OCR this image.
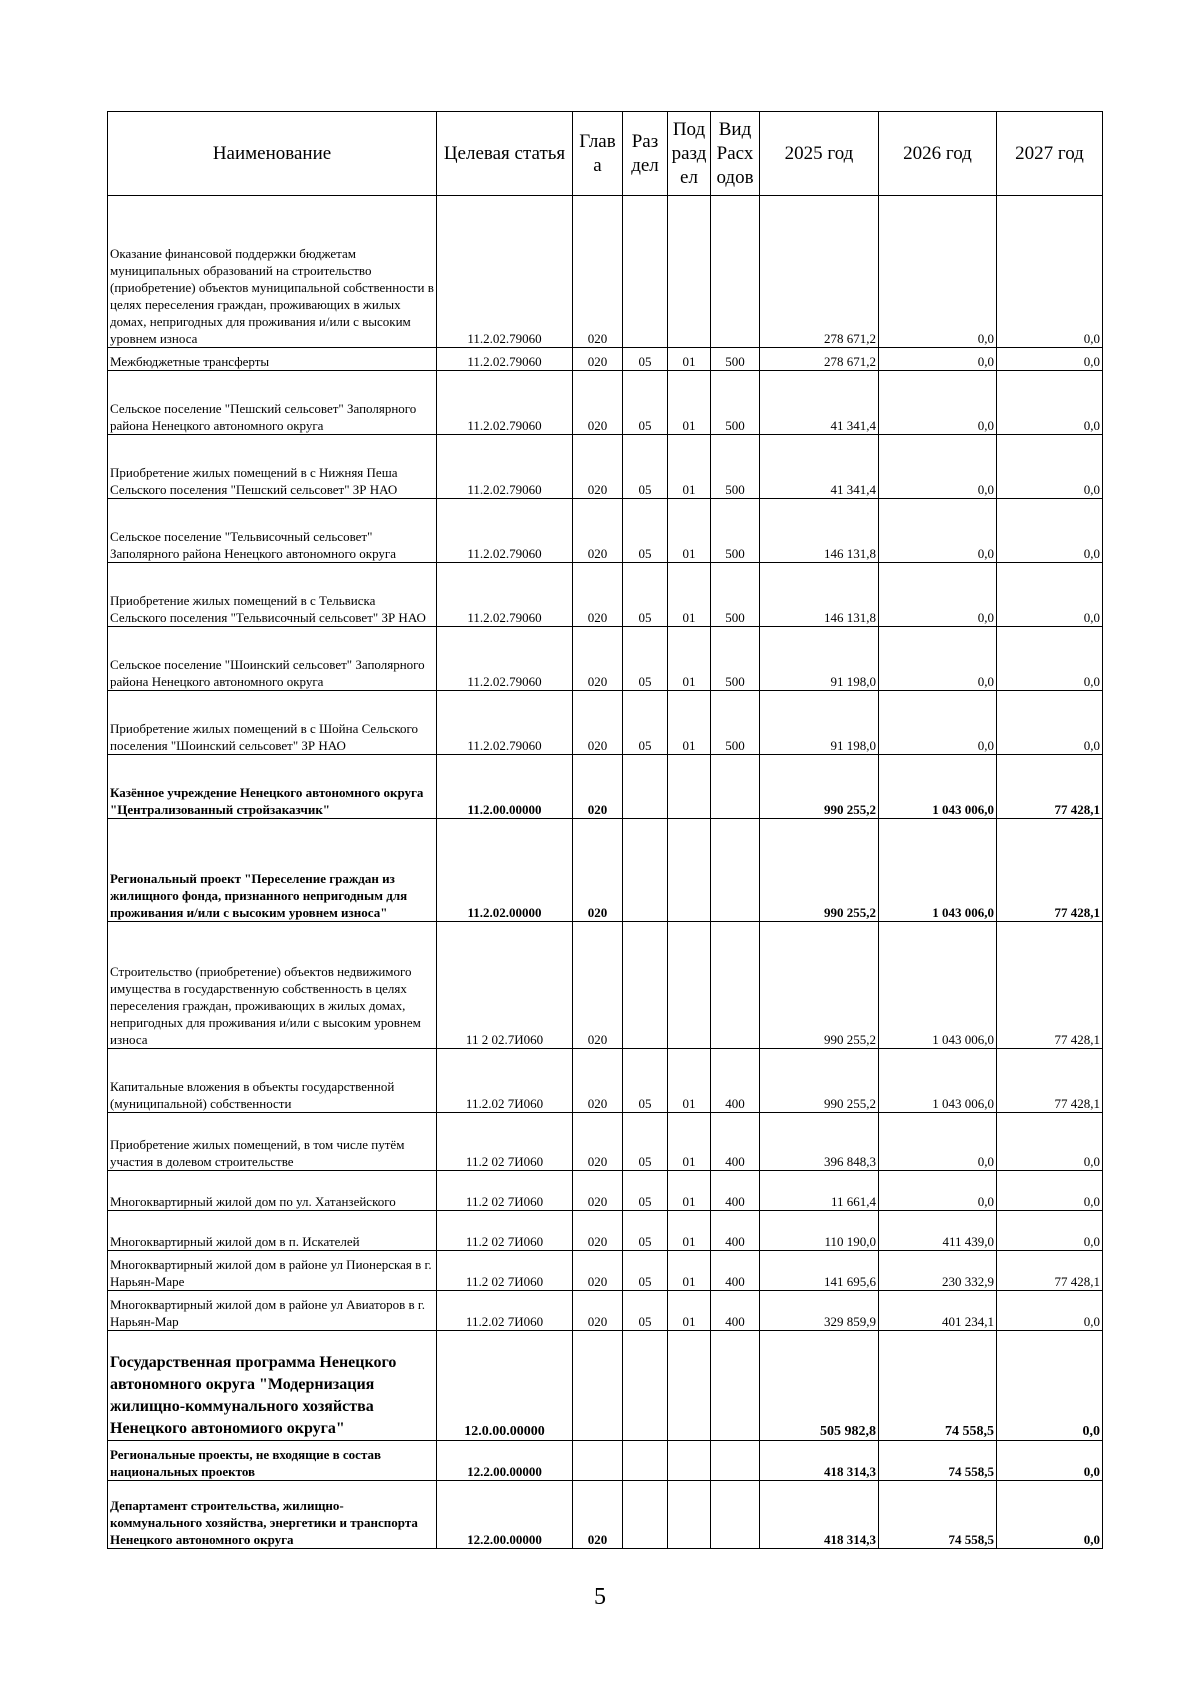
Наименование	Целевая статья	Глав а	Раз дел	Под разд ел	Вид Расх одов	2025 год	2026 год	2027 год
Оказание финансовой поддержки бюджетам муниципальных образований на строительство (приобретение) объектов муниципальной собственности в целях переселения граждан, проживающих в жилых домах, непригодных для проживания и/или с высоким уровнем износа	11.2.02.79060	020				278 671,2	0,0	0,0
Межбюджетные трансферты	11.2.02.79060	020	05	01	500	278 671,2	0,0	0,0
Сельское поселение "Пешский сельсовет" Заполярного района Ненецкого автономного округа	11.2.02.79060	020	05	01	500	41 341,4	0,0	0,0
Приобретение жилых помещений в с Нижняя Пеша Сельского поселения "Пешский сельсовет" ЗР НАО	11.2.02.79060	020	05	01	500	41 341,4	0,0	0,0
Сельское поселение "Тельвисочный сельсовет" Заполярного района Ненецкого автономного округа	11.2.02.79060	020	05	01	500	146 131,8	0,0	0,0
Приобретение жилых помещений в с Тельвиска Сельского поселения "Тельвисочный сельсовет" ЗР НАО	11.2.02.79060	020	05	01	500	146 131,8	0,0	0,0
Сельское поселение "Шоинский сельсовет" Заполярного района Ненецкого автономного округа	11.2.02.79060	020	05	01	500	91 198,0	0,0	0,0
Приобретение жилых помещений в с Шойна Сельского поселения "Шоинский сельсовет" ЗР НАО	11.2.02.79060	020	05	01	500	91 198,0	0,0	0,0
Казённое учреждение Ненецкого автономного округа "Централизованный стройзаказчик"	11.2.00.00000	020				990 255,2	1 043 006,0	77 428,1
Региональный проект "Переселение граждан из жилищного фонда, признанного непригодным для проживания и/или с высоким уровнем износа"	11.2.02.00000	020				990 255,2	1 043 006,0	77 428,1
Строительство (приобретение) объектов недвижимого имущества в государственную собственность в целях переселения граждан, проживающих в жилых домах, непригодных для проживания и/или с высоким уровнем износа	11 2 02.7И060	020				990 255,2	1 043 006,0	77 428,1
Капитальные вложения в объекты государственной (муниципальной) собственности	11.2.02 7И060	020	05	01	400	990 255,2	1 043 006,0	77 428,1
Приобретение жилых помещений, в том числе путём участия в долевом строительстве	11.2 02 7И060	020	05	01	400	396 848,3	0,0	0,0
Многоквартирный жилой дом по ул. Хатанзейского	11.2 02 7И060	020	05	01	400	11 661,4	0,0	0,0
Многоквартирный жилой дом в п. Искателей	11.2 02 7И060	020	05	01	400	110 190,0	411 439,0	0,0
Многоквартирный жилой дом в районе ул Пионерская в г. Нарьян-Маре	11.2 02 7И060	020	05	01	400	141 695,6	230 332,9	77 428,1
Многоквартирный жилой дом в районе ул Авиаторов в г. Нарьян-Мар	11.2.02 7И060	020	05	01	400	329 859,9	401 234,1	0,0
Государственная программа Ненецкого автономного округа "Модернизация жилищно-коммунального хозяйства Ненецкого автономиого округа"	12.0.00.00000					505 982,8	74 558,5	0,0
Региональные проекты, не входящие в состав национальных проектов	12.2.00.00000					418 314,3	74 558,5	0,0
Департамент строительства, жилищно-коммунального хозяйства, энергетики и транспорта Ненецкого автономного округа	12.2.00.00000	020				418 314,3	74 558,5	0,0
5
